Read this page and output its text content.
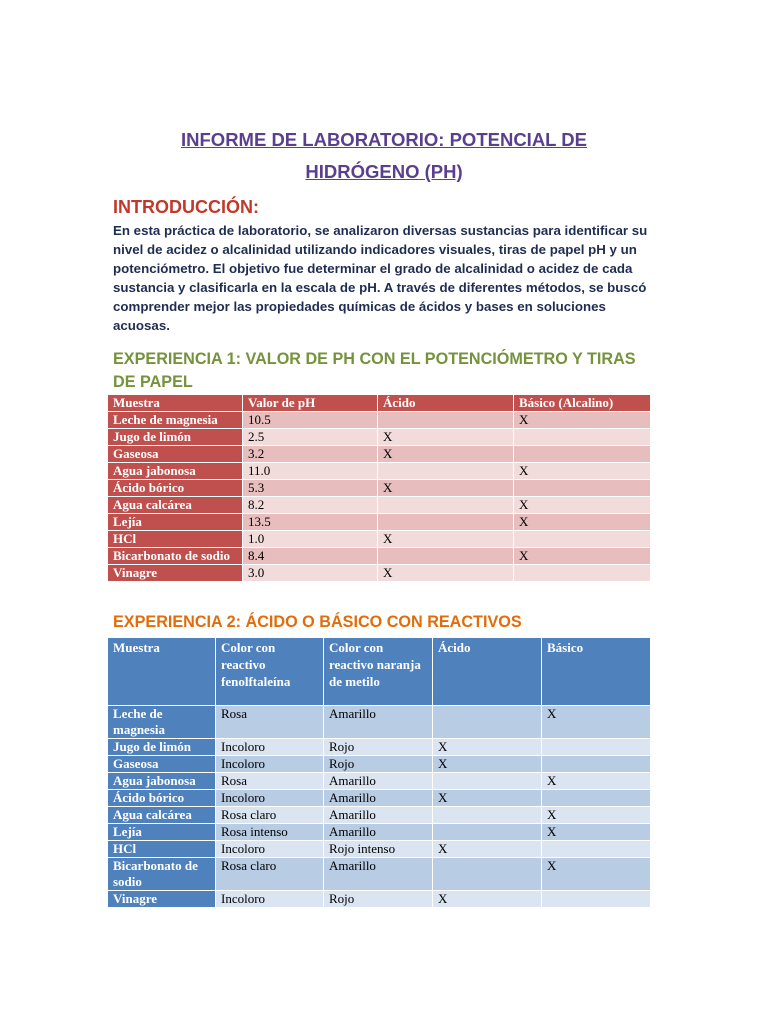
INFORME DE LABORATORIO: POTENCIAL DE
HIDRÓGENO (PH)
INTRODUCCIÓN:

En esta práctica de laboratorio, se analizaron diversas sustancias para identificar su nivel de acidez o alcalinidad utilizando indicadores visuales, tiras de papel pH y un potenciómetro. El objetivo fue determinar el grado de alcalinidad o acidez de cada sustancia y clasificarla en la escala de pH. A través de diferentes métodos, se buscó comprender mejor las propiedades químicas de ácidos y bases en soluciones acuosas.

EXPERIENCIA 1: VALOR DE PH CON EL POTENCIÓMETRO Y TIRAS DE PAPEL
Muestra	Valor de pH	Ácido	Básico (Alcalino)
Leche de magnesia	10.5		X
Jugo de limón	2.5	X	
Gaseosa	3.2	X	
Agua jabonosa	11.0		X
Ácido bórico	5.3	X	
Agua calcárea	8.2		X
Lejía	13.5		X
HCl	1.0	X	
Bicarbonato de sodio	8.4		X
Vinagre	3.0	X	
EXPERIENCIA 2: ÁCIDO O BÁSICO CON REACTIVOS
Muestra	Color con reactivo fenolftaleína	Color con reactivo naranja de metilo	Ácido	Básico
Leche de magnesia	Rosa	Amarillo		X
Jugo de limón	Incoloro	Rojo	X	
Gaseosa	Incoloro	Rojo	X	
Agua jabonosa	Rosa	Amarillo		X
Ácido bórico	Incoloro	Amarillo	X	
Agua calcárea	Rosa claro	Amarillo		X
Lejía	Rosa intenso	Amarillo		X
HCl	Incoloro	Rojo intenso	X	
Bicarbonato de sodio	Rosa claro	Amarillo		X
Vinagre	Incoloro	Rojo	X	
